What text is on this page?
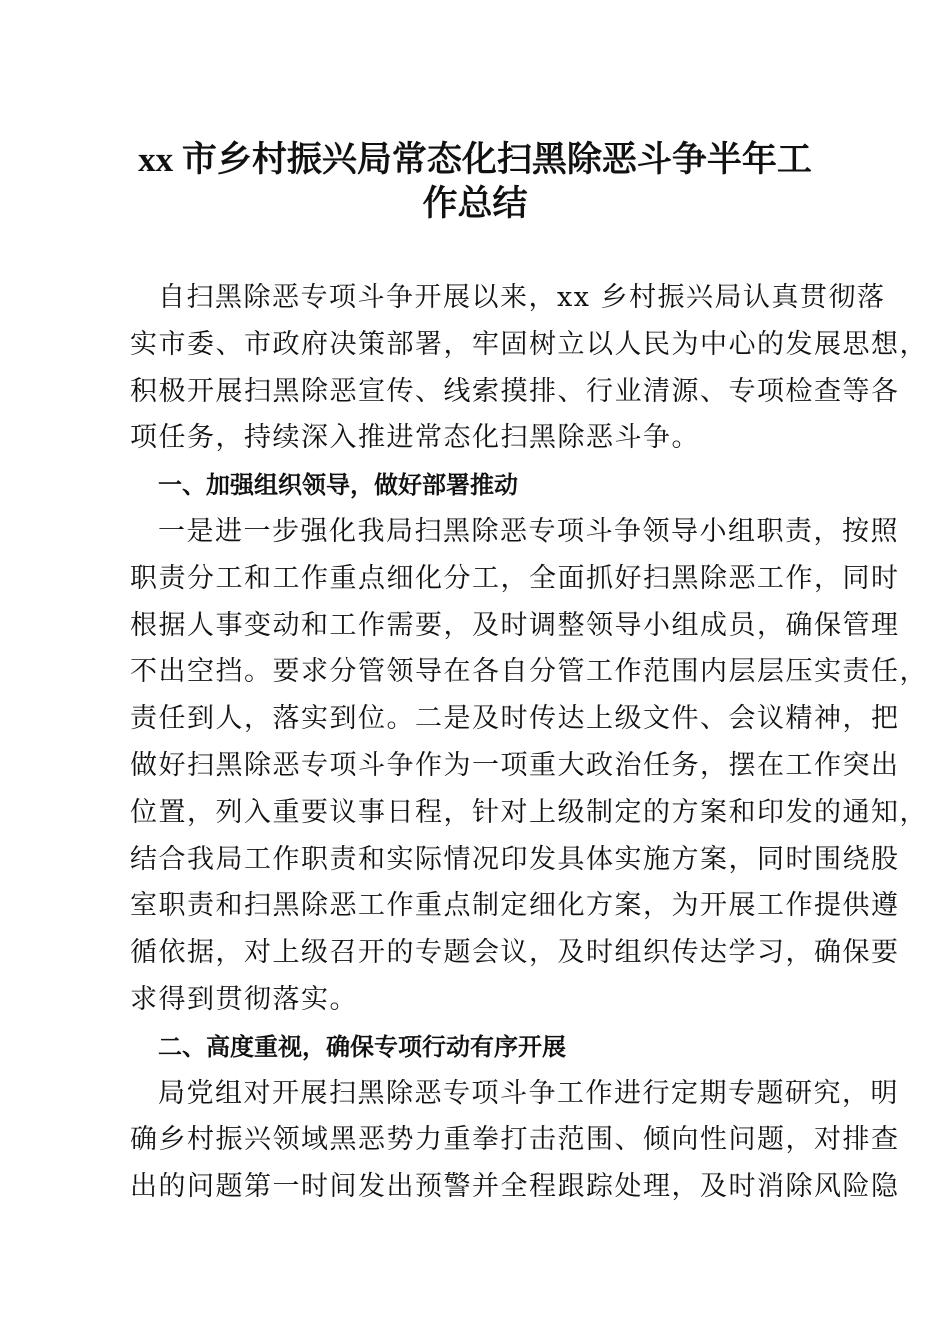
xx 市乡村振兴局常态化扫黑除恶斗争半年工
作总结
自扫黑除恶专项斗争开展以来，xx 乡村振兴局认真贯彻落
实市委、市政府决策部署，牢固树立以人民为中心的发展思想，
积极开展扫黑除恶宣传、线索摸排、行业清源、专项检查等各
项任务，持续深入推进常态化扫黑除恶斗争。
一、加强组织领导，做好部署推动
一是进一步强化我局扫黑除恶专项斗争领导小组职责，按照
职责分工和工作重点细化分工，全面抓好扫黑除恶工作，同时
根据人事变动和工作需要，及时调整领导小组成员，确保管理
不出空挡。要求分管领导在各自分管工作范围内层层压实责任，
责任到人，落实到位。二是及时传达上级文件、会议精神，把
做好扫黑除恶专项斗争作为一项重大政治任务，摆在工作突出
位置，列入重要议事日程，针对上级制定的方案和印发的通知，
结合我局工作职责和实际情况印发具体实施方案，同时围绕股
室职责和扫黑除恶工作重点制定细化方案，为开展工作提供遵
循依据，对上级召开的专题会议，及时组织传达学习，确保要
求得到贯彻落实。
二、高度重视，确保专项行动有序开展
局党组对开展扫黑除恶专项斗争工作进行定期专题研究，明
确乡村振兴领域黑恶势力重拳打击范围、倾向性问题，对排查
出的问题第一时间发出预警并全程跟踪处理，及时消除风险隐
